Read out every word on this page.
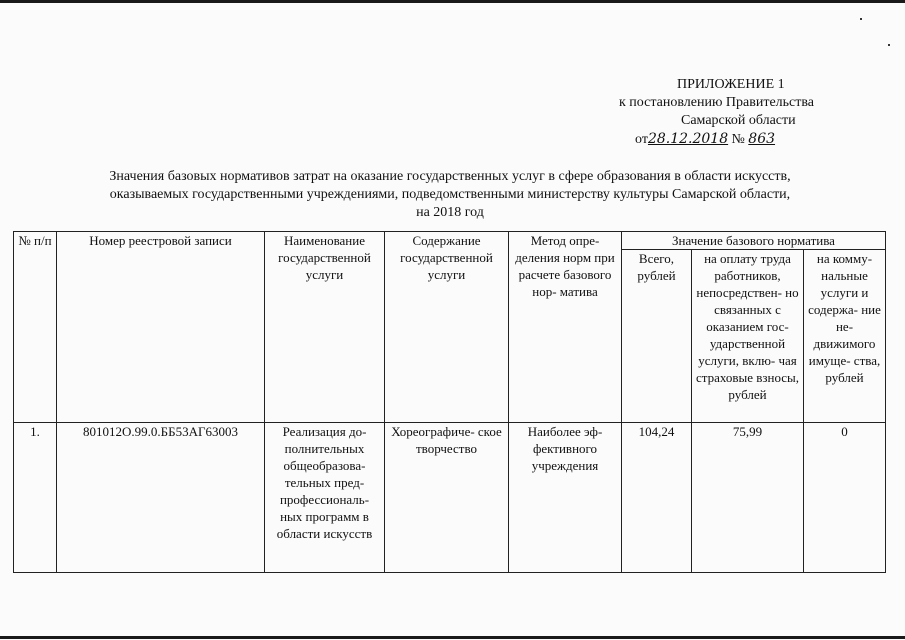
ПРИЛОЖЕНИЕ 1
к постановлению Правительства
Самарской области
от28.12.2018 № 863
Значения базовых нормативов затрат на оказание государственных услуг в сфере образования в области искусств,
оказываемых государственными учреждениями, подведомственными министерству культуры Самарской области,
на 2018 год
№ п/п	Номер реестровой записи	Наименование государственной услуги	Содержание государственной услуги	Метод опре- деления норм при расчете базового нор- матива	Значение базового норматива		
					Всего, рублей	на оплату труда работников, непосредствен- но связанных с оказанием гос- ударственной услуги, вклю- чая страховые взносы, рублей	на комму- нальные услуги и содержа- ние не- движимого имуще- ства, рублей
1.	801012О.99.0.ББ53АГ63003	Реализация до- полнительных общеобразова- тельных пред- профессиональ- ных программ в области искусств	Хореографиче- ское творчество	Наиболее эф- фективного учреждения	104,24	75,99	0
